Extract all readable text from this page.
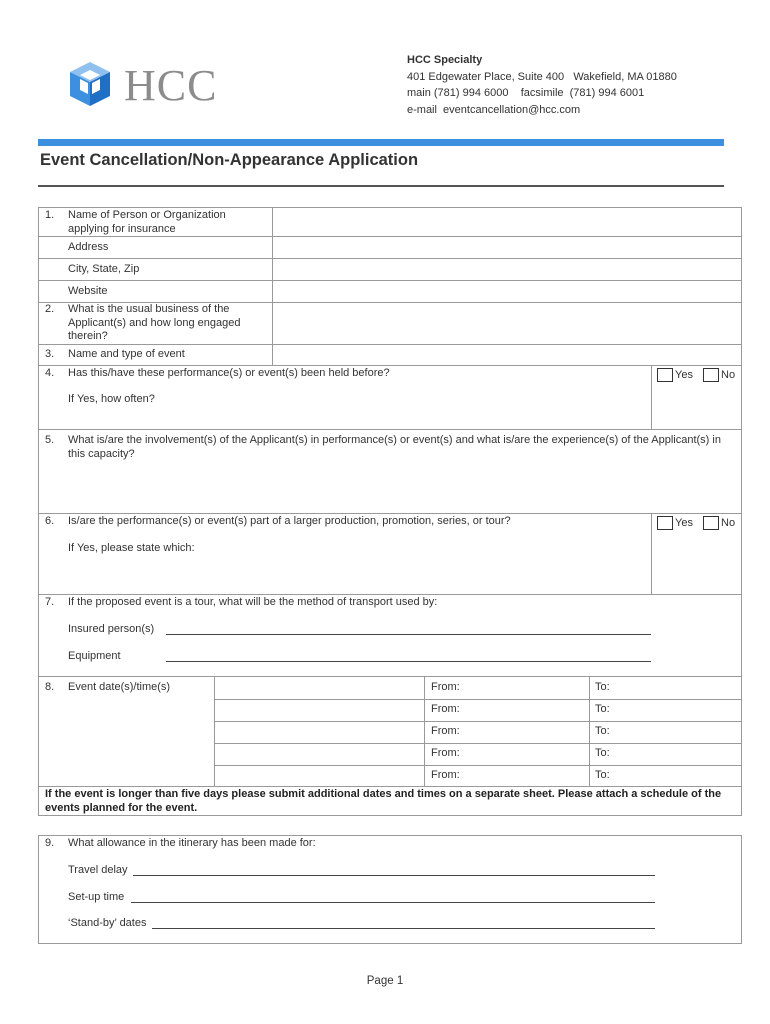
HCC
HCC Specialty
401 Edgewater Place, Suite 400   Wakefield, MA 01880
main (781) 994 6000    facsimile  (781) 994 6001
e-mail  eventcancellation@hcc.com
Event Cancellation/Non-Appearance Application
1. Name of Person or Organization applying for insurance
Address
City, State, Zip
Website
2. What is the usual business of the Applicant(s) and how long engaged therein?
3. Name and type of event
4. Has this/have these performance(s) or event(s) been held before?	Yes	No
If Yes, how often?
5. What is/are the involvement(s) of the Applicant(s) in performance(s) or event(s) and what is/are the experience(s) of the Applicant(s) in this capacity?
6. Is/are the performance(s) or event(s) part of a larger production, promotion, series, or tour?	Yes	No
If Yes, please state which:
7. If the proposed event is a tour, what will be the method of transport used by:
Insured person(s)
Equipment
8. Event date(s)/time(s)	From:	To:
From:	To:
From:	To:
From:	To:
From:	To:
If the event is longer than five days please submit additional dates and times on a separate sheet. Please attach a schedule of the events planned for the event.
9. What allowance in the itinerary has been made for:
Travel delay
Set-up time
‘Stand-by’ dates
Page 1
